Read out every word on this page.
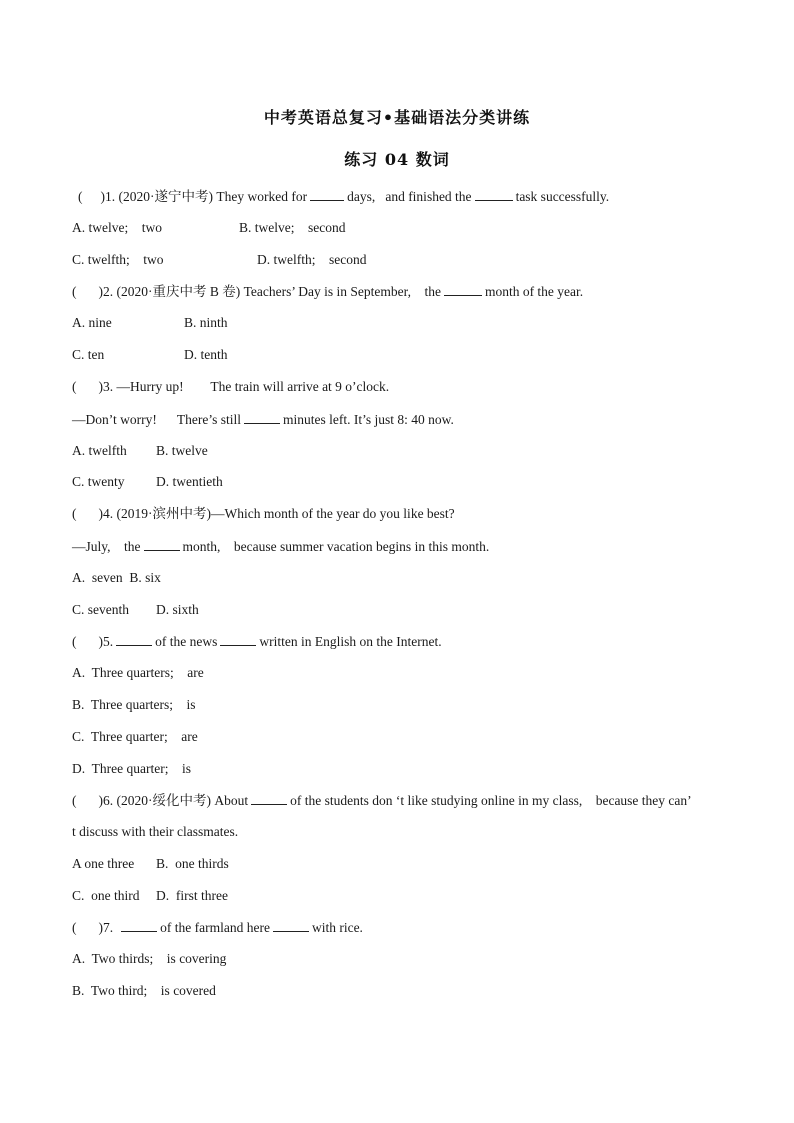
中考英语总复习•基础语法分类讲练
练习 04 数词
( )1. (2020·遂宁中考) They worked for	days,   and finished the	task successfully.
A. twelve;    two	B. twelve;    second
C. twelfth;    two	D. twelfth;    second
( )2. (2020·重庆中考 B 卷) Teachers’ Day is in September,    the	month of the year.
A. nine	B. ninth
C. ten	D. tenth
( )3. —Hurry up!        The train will arrive at 9 o’clock.
—Don’t worry!      There’s still	minutes left. It’s just 8: 40 now.
A. twelfth B. twelve
C. twenty D. twentieth
( )4. (2019·滨州中考)—Which month of the year do you like best?
—July,    the	month,    because summer vacation begins in this month.
A.  seven  B. six
C. seventh D. sixth
( )5.	of the news	written in English on the Internet.
A.  Three quarters;    are
B.  Three quarters;    is
C.  Three quarter;    are
D.  Three quarter;    is
( )6. (2020·绥化中考) About	of the students don ‘t like studying online in my class,    because they can’
t discuss with their classmates.
A one three B.  one thirds
C.  one third D.  first three
( )7.	of the farmland here	with rice.
A.  Two thirds;    is covering
B.  Two third;    is covered
